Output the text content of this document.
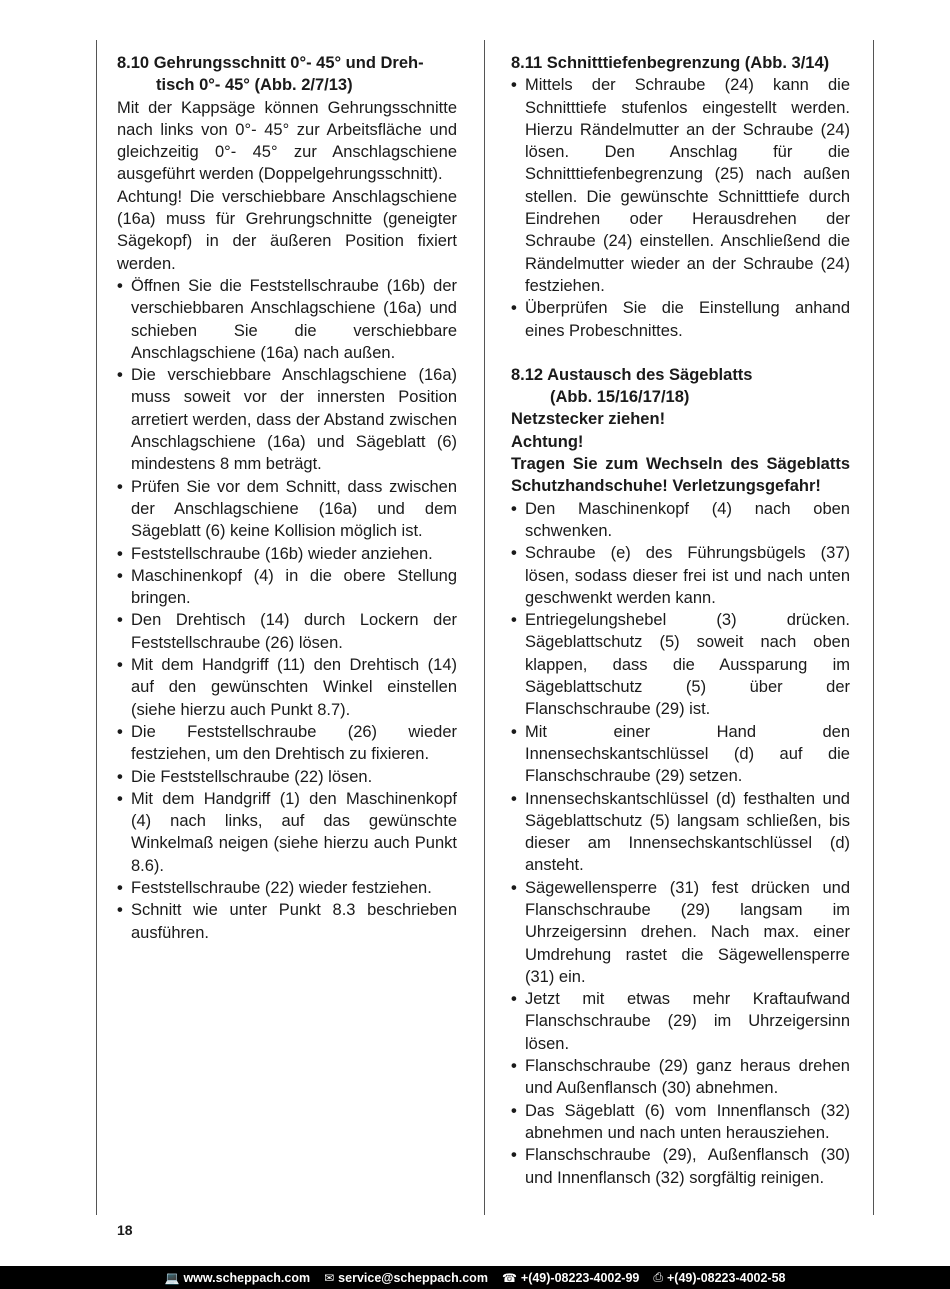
8.10 Gehrungsschnitt 0°- 45° und Dreh-
tisch 0°- 45° (Abb. 2/7/13)

Mit der Kappsäge können Gehrungsschnitte nach links von 0°- 45° zur Arbeitsfläche und gleichzeitig 0°- 45° zur Anschlagschiene ausgeführt werden (Doppelgehrungsschnitt).

Achtung! Die verschiebbare Anschlagschiene (16a) muss für Grehrungschnitte (geneigter Sägekopf) in der äußeren Position fixiert werden.

• Öffnen Sie die Feststellschraube (16b) der verschiebbaren Anschlagschiene (16a) und schieben Sie die verschiebbare Anschlagschiene (16a) nach außen.
• Die verschiebbare Anschlagschiene (16a) muss soweit vor der innersten Position arretiert werden, dass der Abstand zwischen Anschlagschiene (16a) und Sägeblatt (6) mindestens 8 mm beträgt.
• Prüfen Sie vor dem Schnitt, dass zwischen der Anschlagschiene (16a) und dem Sägeblatt (6) keine Kollision möglich ist.
• Feststellschraube (16b) wieder anziehen.
• Maschinenkopf (4) in die obere Stellung bringen.
• Den Drehtisch (14) durch Lockern der Feststellschraube (26) lösen.
• Mit dem Handgriff (11) den Drehtisch (14) auf den gewünschten Winkel einstellen (siehe hierzu auch Punkt 8.7).
• Die Feststellschraube (26) wieder festziehen, um den Drehtisch zu fixieren.
• Die Feststellschraube (22) lösen.
• Mit dem Handgriff (1) den Maschinenkopf (4) nach links, auf das gewünschte Winkelmaß neigen (siehe hierzu auch Punkt 8.6).
• Feststellschraube (22) wieder festziehen.
• Schnitt wie unter Punkt 8.3 beschrieben ausführen.
8.11 Schnitttiefenbegrenzung (Abb. 3/14)
• Mittels der Schraube (24) kann die Schnitttiefe stufenlos eingestellt werden. Hierzu Rändelmutter an der Schraube (24) lösen. Den Anschlag für die Schnitttiefenbegrenzung (25) nach außen stellen. Die gewünschte Schnitttiefe durch Eindrehen oder Herausdrehen der Schraube (24) einstellen. Anschließend die Rändelmutter wieder an der Schraube (24) festziehen.
• Überprüfen Sie die Einstellung anhand eines Probeschnittes.
8.12 Austausch des Sägeblatts
(Abb. 15/16/17/18)
Netzstecker ziehen!
Achtung!
Tragen Sie zum Wechseln des Sägeblatts Schutzhandschuhe! Verletzungsgefahr!
• Den Maschinenkopf (4) nach oben schwenken.
• Schraube (e) des Führungsbügels (37) lösen, sodass dieser frei ist und nach unten geschwenkt werden kann.
• Entriegelungshebel (3) drücken. Sägeblattschutz (5) soweit nach oben klappen, dass die Aussparung im Sägeblattschutz (5) über der Flanschschraube (29) ist.
• Mit einer Hand den Innensechskantschlüssel (d) auf die Flanschschraube (29) setzen.
• Innensechskantschlüssel (d) festhalten und Sägeblattschutz (5) langsam schließen, bis dieser am Innensechskantschlüssel (d) ansteht.
• Sägewellensperre (31) fest drücken und Flanschschraube (29) langsam im Uhrzeigersinn drehen. Nach max. einer Umdrehung rastet die Sägewellensperre (31) ein.
• Jetzt mit etwas mehr Kraftaufwand Flanschschraube (29) im Uhrzeigersinn lösen.
• Flanschschraube (29) ganz heraus drehen und Außenflansch (30) abnehmen.
• Das Sägeblatt (6) vom Innenflansch (32) abnehmen und nach unten herausziehen.
• Flanschschraube (29), Außenflansch (30) und Innenflansch (32) sorgfältig reinigen.
18
💻 www.scheppach.com ✉ service@scheppach.com ☎ +(49)-08223-4002-99 ⎙ +(49)-08223-4002-58
